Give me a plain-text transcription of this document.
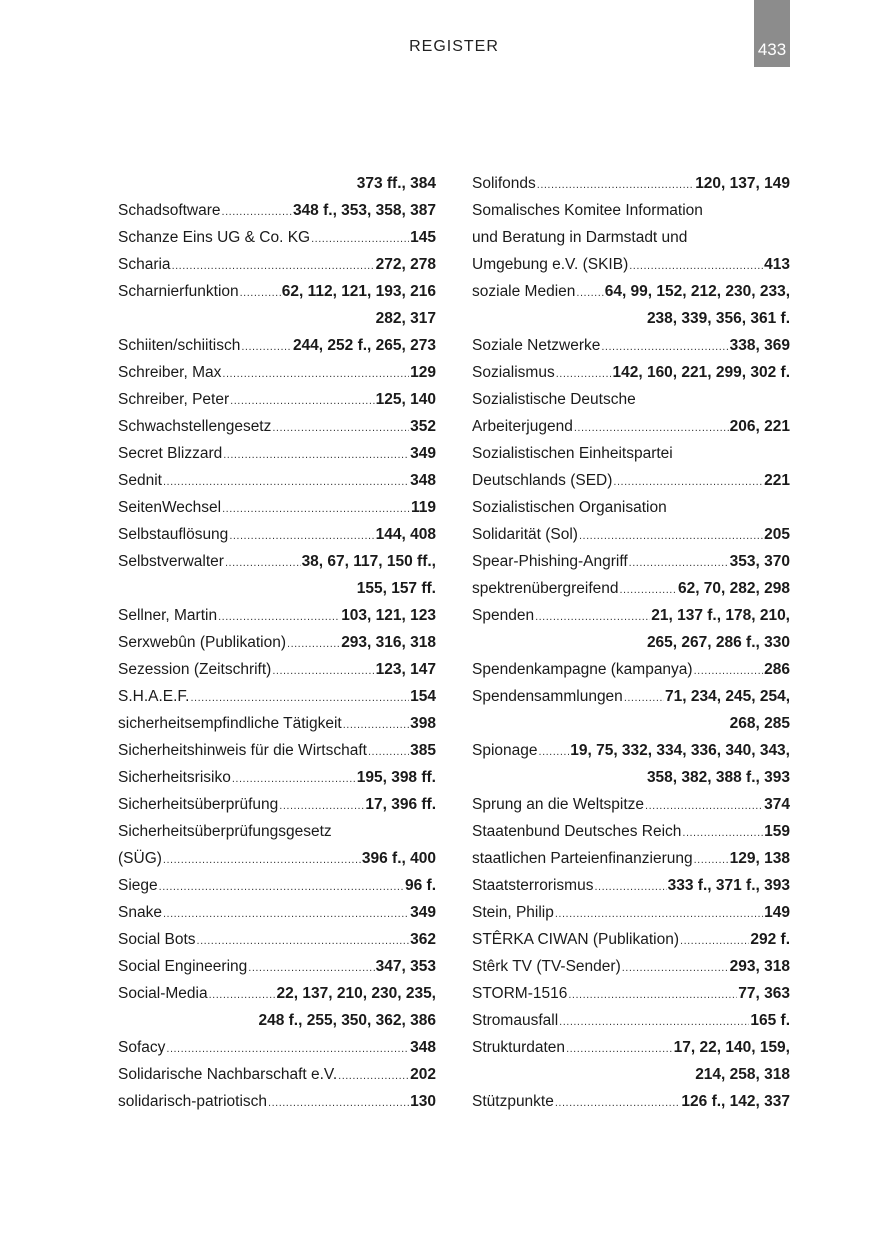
REGISTER	433
373 ff., 384
Schadsoftware .....	348 f., 353, 358, 387
Schanze Eins UG & Co. KG .....	145
Scharia .....	272, 278
Scharnierfunktion .....	62, 112, 121, 193, 216
282, 317
Schiiten/schiitisch .....	244, 252 f., 265, 273
Schreiber, Max .....	129
Schreiber, Peter .....	125, 140
Schwachstellengesetz .....	352
Secret Blizzard .....	349
Sednit .....	348
SeitenWechsel .....	119
Selbstauflösung .....	144, 408
Selbstverwalter .....	38, 67, 117, 150 ff.,
155, 157 ff.
Sellner, Martin .....	103, 121, 123
Serxwebûn (Publikation) .....	293, 316, 318
Sezession (Zeitschrift) .....	123, 147
S.H.A.E.F. .....	154
sicherheitsempfindliche Tätigkeit .....	398
Sicherheitshinweis für die Wirtschaft .....	385
Sicherheitsrisiko .....	195, 398 ff.
Sicherheitsüberprüfung .....	17, 396 ff.
Sicherheitsüberprüfungsgesetz
(SÜG) .....	396 f., 400
Siege .....	96 f.
Snake .....	349
Social Bots .....	362
Social Engineering .....	347, 353
Social-Media .....	22, 137, 210, 230, 235,
248 f., 255, 350, 362, 386
Sofacy .....	348
Solidarische Nachbarschaft e.V. .....	202
solidarisch-patriotisch .....	130
Solifonds .....	120, 137, 149
Somalisches Komitee Information
und Beratung in Darmstadt und
Umgebung e.V. (SKIB) .....	413
soziale Medien ..... 64, 99, 152, 212, 230, 233,
238, 339, 356, 361 f.
Soziale Netzwerke .....	338, 369
Sozialismus .....	142, 160, 221, 299, 302 f.
Sozialistische Deutsche
Arbeiterjugend .....	206, 221
Sozialistischen Einheitspartei
Deutschlands (SED) .....	221
Sozialistischen Organisation
Solidarität (Sol) .....	205
Spear-Phishing-Angriff .....	353, 370
spektrenübergreifend .....	62, 70, 282, 298
Spenden .....	21, 137 f., 178, 210,
265, 267, 286 f., 330
Spendenkampagne (kampanya) .....	286
Spendensammlungen .....	71, 234, 245, 254,
268, 285
Spionage ..... 19, 75, 332, 334, 336, 340, 343,
358, 382, 388 f., 393
Sprung an die Weltspitze .....	374
Staatenbund Deutsches Reich .....	159
staatlichen Parteienfinanzierung ..... 129, 138
Staatsterrorismus .....	333 f., 371 f., 393
Stein, Philip .....	149
STÊRKA CIWAN (Publikation) .....	292 f.
Stêrk TV (TV-Sender) .....	293, 318
STORM-1516 .....	77, 363
Stromausfall .....	165 f.
Strukturdaten .....	17, 22, 140, 159,
214, 258, 318
Stützpunkte .....	126 f., 142, 337
